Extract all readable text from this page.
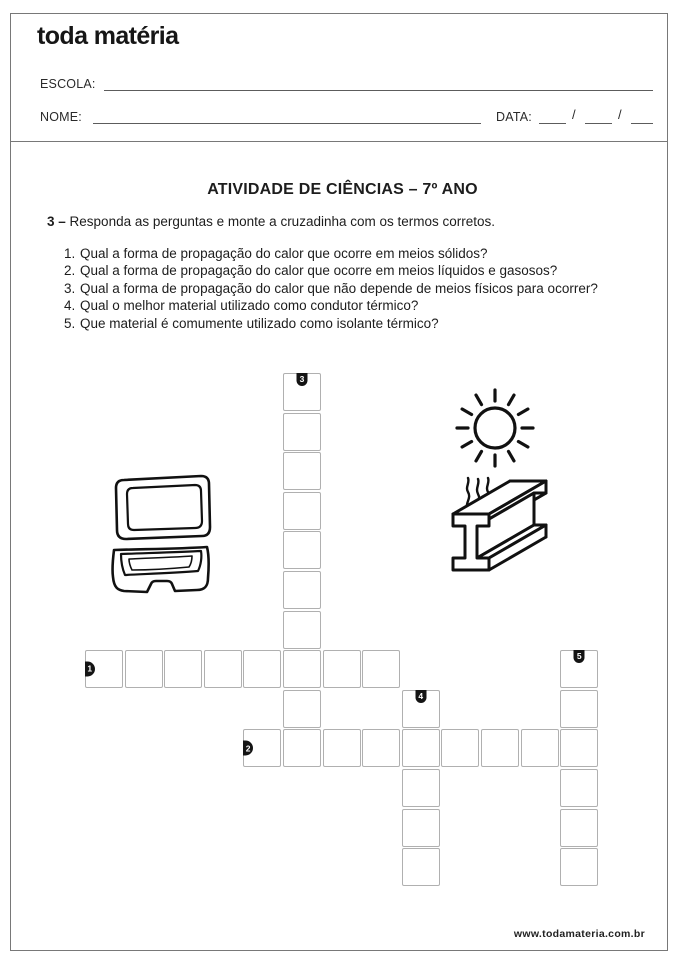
toda matéria
ESCOLA:
NOME:	DATA:	/	/
ATIVIDADE DE CIÊNCIAS – 7º ANO

3 – Responda as perguntas e monte a cruzadinha com os termos corretos.

1. Qual a forma de propagação do calor que ocorre em meios sólidos?
2. Qual a forma de propagação do calor que ocorre em meios líquidos e gasosos?
3. Qual a forma de propagação do calor que não depende de meios físicos para ocorrer?
4. Qual o melhor material utilizado como condutor térmico?
5. Que material é comumente utilizado como isolante térmico?
1
2
3
4
5
www.todamateria.com.br
